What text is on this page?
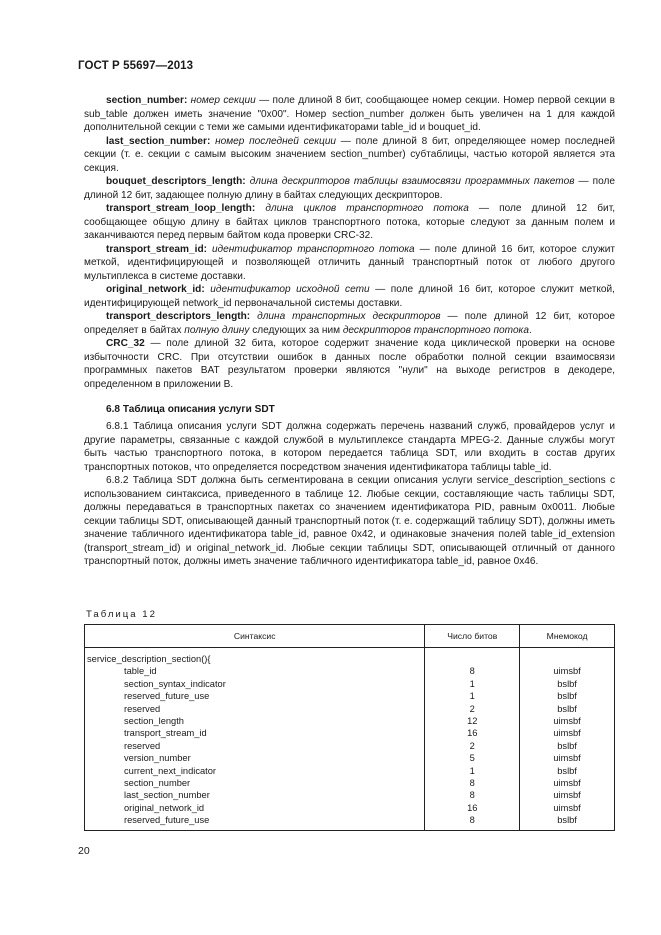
ГОСТ Р 55697—2013

section_number: номер секции — поле длиной 8 бит, сообщающее номер секции. Номер первой секции в sub_table должен иметь значение "0x00". Номер section_number должен быть увеличен на 1 для каждой дополнительной секции с теми же самыми идентификаторами table_id и bouquet_id.

last_section_number: номер последней секции — поле длиной 8 бит, определяющее номер последней секции (т. е. секции с самым высоким значением section_number) субтаблицы, частью которой является эта секция.

bouquet_descriptors_length: длина дескрипторов таблицы взаимосвязи программных пакетов — поле длиной 12 бит, задающее полную длину в байтах следующих дескрипторов.

transport_stream_loop_length: длина циклов транспортного потока — поле длиной 12 бит, сообщающее общую длину в байтах циклов транспортного потока, которые следуют за данным полем и заканчиваются перед первым байтом кода проверки CRC-32.

transport_stream_id: идентификатор транспортного потока — поле длиной 16 бит, которое служит меткой, идентифицирующей и позволяющей отличить данный транспортный поток от любого другого мультиплекса в системе доставки.

original_network_id: идентификатор исходной сети — поле длиной 16 бит, которое служит меткой, идентифицирующей network_id первоначальной системы доставки.

transport_descriptors_length: длина транспортных дескрипторов — поле длиной 12 бит, которое определяет в байтах полную длину следующих за ним дескрипторов транспортного потока.

CRC_32 — поле длиной 32 бита, которое содержит значение кода циклической проверки на основе избыточности CRC. При отсутствии ошибок в данных после обработки полной секции взаимосвязи программных пакетов BAT результатом проверки являются "нули" на выходе регистров в декодере, определенном в приложении В.

6.8 Таблица описания услуги SDT

6.8.1 Таблица описания услуги SDT должна содержать перечень названий служб, провайдеров услуг и другие параметры, связанные с каждой службой в мультиплексе стандарта MPEG-2. Данные службы могут быть частью транспортного потока, в котором передается таблица SDT, или входить в состав других транспортных потоков, что определяется посредством значения идентификатора таблицы table_id.

6.8.2 Таблица SDT должна быть сегментирована в секции описания услуги service_description_sections с использованием синтаксиса, приведенного в таблице 12. Любые секции, составляющие часть таблицы SDT, должны передаваться в транспортных пакетах со значением идентификатора PID, равным 0x0011. Любые секции таблицы SDT, описывающей данный транспортный поток (т. е. содержащий таблицу SDT), должны иметь значение табличного идентификатора table_id, равное 0x42, и одинаковые значения полей table_id_extension (transport_stream_id) и original_network_id. Любые секции таблицы SDT, описывающей отличный от данного транспортный поток, должны иметь значение табличного идентификатора table_id, равное 0x46.

Таблица 12
Синтаксис	Число битов	Мнемокод
service_description_section(){		
table_id	8	uimsbf
section_syntax_indicator	1	bslbf
reserved_future_use	1	bslbf
reserved	2	bslbf
section_length	12	uimsbf
transport_stream_id	16	uimsbf
reserved	2	bslbf
version_number	5	uimsbf
current_next_indicator	1	bslbf
section_number	8	uimsbf
last_section_number	8	uimsbf
original_network_id	16	uimsbf
reserved_future_use	8	bslbf
20
